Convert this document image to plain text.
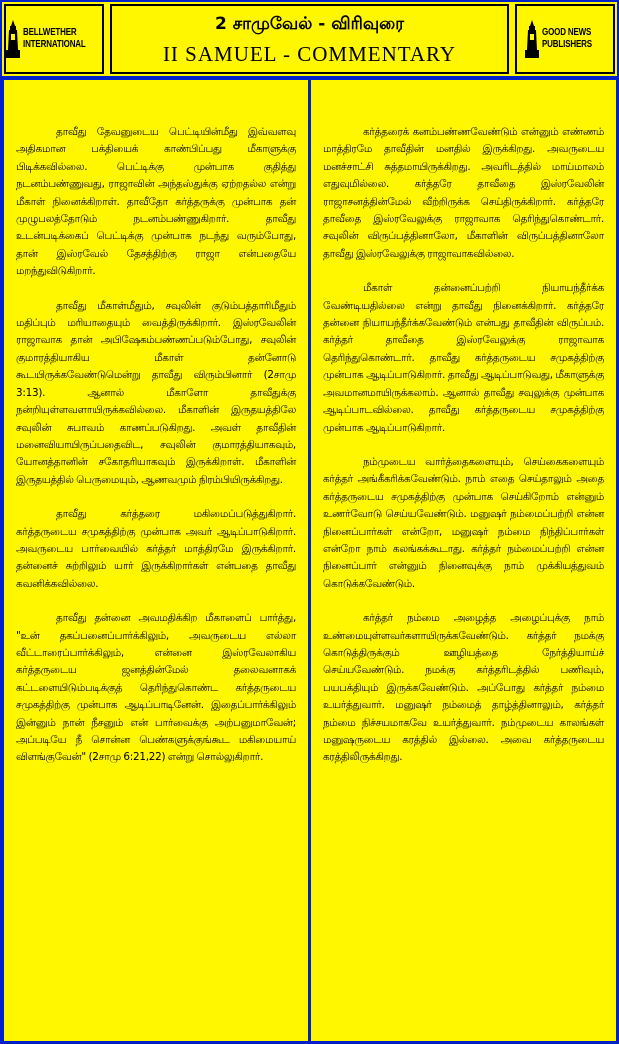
BELLWETHER
INTERNATIONAL
2 சாமுவேல் - விரிவுரை
II SAMUEL - COMMENTARY
GOOD NEWS
PUBLISHERS

தாவீது தேவனுடைய பெட்டியின்மீது இவ்வளவு அதிகமான பக்தியைக் காண்பிப்பது மீகாளுக்கு பிடிக்கவில்லை. பெட்டிக்கு முன்பாக குதித்து நடனம்பண்ணுவது, ராஜாவின் அந்தஸ்துக்கு ஏற்றதல்ல என்று மீகாள் நினைக்கிறாள். தாவீதோ கர்த்தருக்கு முன்பாக தன் முழுபலத்தோடும் நடனம்பண்ணுகிறார். தாவீது உடன்படிக்கைப் பெட்டிக்கு முன்பாக நடந்து வரும்போது, தான் இஸ்ரவேல் தேசத்திற்கு ராஜா என்பதையே மறந்துவிடுகிறார்.

தாவீது மீகாள்மீதும், சவுலின் குடும்பத்தாரிமீதும் மதிப்பும் மரியாதையும் வைத்திருக்கிறார். இஸ்ரவேலின் ராஜாவாக தான் அபிஷேகம்பண்ணப்படும்போது, சவுலின் குமாரத்தியாகிய மீகாள் தன்னோடு கூடயிருக்கவேண்டுமென்று தாவீது விரும்பினார் (2சாமு 3:13). ஆனால் மீகாளோ தாவீதுக்கு நன்றியுள்ளவளாயிருக்கவில்லை. மீகாளின் இருதயத்திலே சவுலின் சுபாவம் காணப்படுகிறது. அவள் தாவீதின் மனைவியாயிருப்பதைவிட, சவுலின் குமாரத்தியாகவும், யோனத்தானின் சகோதரியாகவும் இருக்கிறாள். மீகாளின் இருதயத்தில் பெருமையும், ஆணவமும் நிரம்பியிருக்கிறது.

தாவீது கர்த்தரை மகிமைப்படுத்துகிறார். கர்த்தருடைய சமுகத்திற்கு முன்பாக அவர் ஆடிப்பாடுகிறார். அவருடைய பார்வையில் கர்த்தர் மாத்திரமே இருக்கிறார். தன்னைச் சுற்றிலும் யார் இருக்கிறார்கள் என்பதை தாவீது கவனிக்கவில்லை.

தாவீது தன்னை அவமதிக்கிற மீகாளைப் பார்த்து, "உன் தகப்பனைப்பார்க்கிலும், அவருடைய எல்லா வீட்டாரைப்பார்க்கிலும், என்னை இஸ்ரவேலாகிய கர்த்தருடைய ஜனத்தின்மேல் தலைவனாகக் கட்டளையிடும்படிக்குத் தெரிந்துகொண்ட கர்த்தருடைய சமுகத்திற்கு முன்பாக ஆடிப்பாடினேன். இதைப்பார்க்கிலும் இன்னும் நான் நீசனும் என் பார்வைக்கு அற்பனுமாவேன்; அப்படியே நீ சொன்ன பெண்களுக்குங்கூட மகிமையாய் விளங்குவேன்" (2சாமு 6:21,22) என்று சொல்லுகிறார்.

கர்த்தரைக் கனம்பண்ணவேண்டும் என்னும் எண்ணம் மாத்திரமே தாவீதின் மனதில் இருக்கிறது. அவருடைய மனச்சாட்சி சுத்தமாயிருக்கிறது. அவரிடத்தில் மாய்மாலம் எதுவுமில்லை. கர்த்தரே தாவீதை இஸ்ரவேலின் ராஜாசனத்தின்மேல் வீற்றிருக்க செய்திருக்கிறார். கர்த்தரே தாவீதை இஸ்ரவேலுக்கு ராஜாவாக தெரிந்துகொண்டார். சவுலின் விருப்பத்தினாலோ, மீகாளின் விருப்பத்தினாலோ தாவீது இஸ்ரவேலுக்கு ராஜாவாகவில்லை.

மீகாள் தன்னைப்பற்றி நியாயந்தீர்க்க வேண்டியதில்லை என்று தாவீது நினைக்கிறார். கர்த்தரே தன்னை நியாயந்தீர்க்கவேண்டும் என்பது தாவீதின் விருப்பம். கர்த்தர் தாவீதை இஸ்ரவேலுக்கு ராஜாவாக தெரிந்துகொண்டார். தாவீது கர்த்தருடைய சமுகத்திற்கு முன்பாக ஆடிப்பாடுகிறார். தாவீது ஆடிப்பாடுவது, மீகாளுக்கு அவமானமாயிருக்கலாம். ஆனால் தாவீது சவுலுக்கு முன்பாக ஆடிப்பாடவில்லை. தாவீது கர்த்தருடைய சமுகத்திற்கு முன்பாக ஆடிப்பாடுகிறார்.

நம்முடைய வார்த்தைகளையும், செய்கைகளையும் கர்த்தர் அங்கீகரிக்கவேண்டும். நாம் எதை செய்தாலும் அதை கர்த்தருடைய சமுகத்திற்கு முன்பாக செய்கிறோம் என்னும் உணர்வோடு செய்யவேண்டும். மனுஷர் நம்மைப்பற்றி என்ன நினைப்பார்கள் என்றோ, மனுஷர் நம்மை நிந்திப்பார்கள் என்றோ நாம் கலங்கக்கூடாது. கர்த்தர் நம்மைப்பற்றி என்ன நினைப்பார் என்னும் நினைவுக்கு நாம் முக்கியத்துவம் கொடுக்கவேண்டும்.

கர்த்தர் நம்மை அழைத்த அழைப்புக்கு நாம் உண்மையுள்ளவர்களாயிருக்கவேண்டும். கர்த்தர் நமக்கு கொடுத்திருக்கும் ஊழியத்தை நேர்த்தியாய்ச் செய்யவேண்டும். நமக்கு கர்த்தரிடத்தில் பணிவும், பயபக்தியும் இருக்கவேண்டும். அப்போது கர்த்தர் நம்மை உயர்த்துவார். மனுஷர் நம்மைத் தாழ்த்தினாலும், கர்த்தர் நம்மை நிச்சயமாகவே உயர்த்துவார். நம்முடைய காலங்கள் மனுஷருடைய கரத்தில் இல்லை. அவை கர்த்தருடைய கரத்திலிருக்கிறது.
